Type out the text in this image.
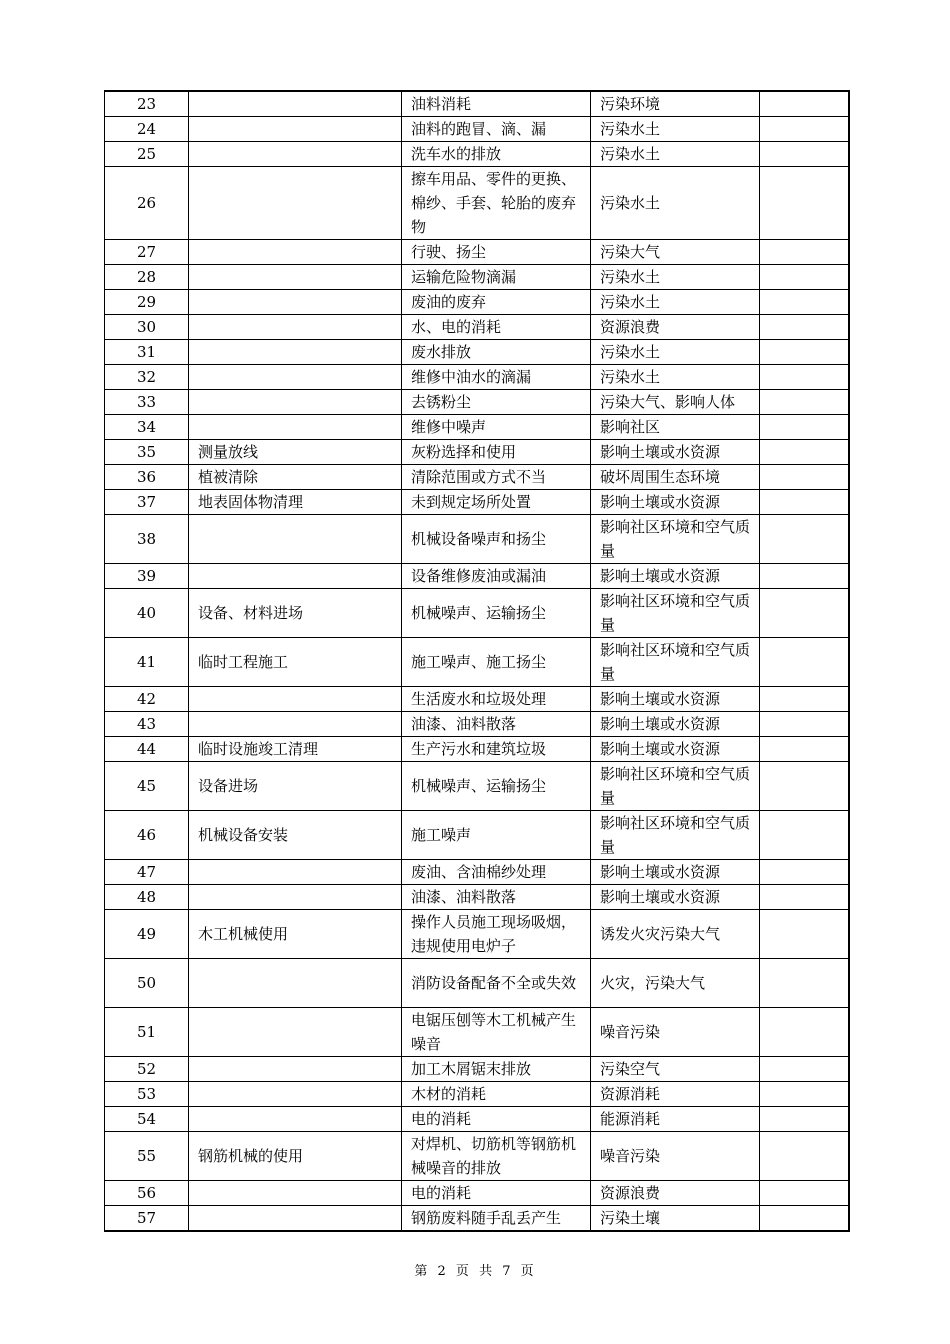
23		油料消耗	污染环境	
24		油料的跑冒、滴、漏	污染水土	
25		洗车水的排放	污染水土	
26		擦车用品、零件的更换、棉纱、手套、轮胎的废弃物	污染水土	
27		行驶、扬尘	污染大气	
28		运输危险物滴漏	污染水土	
29		废油的废弃	污染水土	
30		水、电的消耗	资源浪费	
31		废水排放	污染水土	
32		维修中油水的滴漏	污染水土	
33		去锈粉尘	污染大气、影响人体	
34		维修中噪声	影响社区	
35	测量放线	灰粉选择和使用	影响土壤或水资源	
36	植被清除	清除范围或方式不当	破坏周围生态环境	
37	地表固体物清理	未到规定场所处置	影响土壤或水资源	
38		机械设备噪声和扬尘	影响社区环境和空气质量	
39		设备维修废油或漏油	影响土壤或水资源	
40	设备、材料进场	机械噪声、运输扬尘	影响社区环境和空气质量	
41	临时工程施工	施工噪声、施工扬尘	影响社区环境和空气质量	
42		生活废水和垃圾处理	影响土壤或水资源	
43		油漆、油料散落	影响土壤或水资源	
44	临时设施竣工清理	生产污水和建筑垃圾	影响土壤或水资源	
45	设备进场	机械噪声、运输扬尘	影响社区环境和空气质量	
46	机械设备安装	施工噪声	影响社区环境和空气质量	
47		废油、含油棉纱处理	影响土壤或水资源	
48		油漆、油料散落	影响土壤或水资源	
49	木工机械使用	操作人员施工现场吸烟，违规使用电炉子	诱发火灾污染大气	
50		消防设备配备不全或失效	火灾，污染大气	
51		电锯压刨等木工机械产生噪音	噪音污染	
52		加工木屑锯末排放	污染空气	
53		木材的消耗	资源消耗	
54		电的消耗	能源消耗	
55	钢筋机械的使用	对焊机、切筋机等钢筋机械噪音的排放	噪音污染	
56		电的消耗	资源浪费	
57		钢筋废料随手乱丢产生	污染土壤	
第 2 页 共 7 页
